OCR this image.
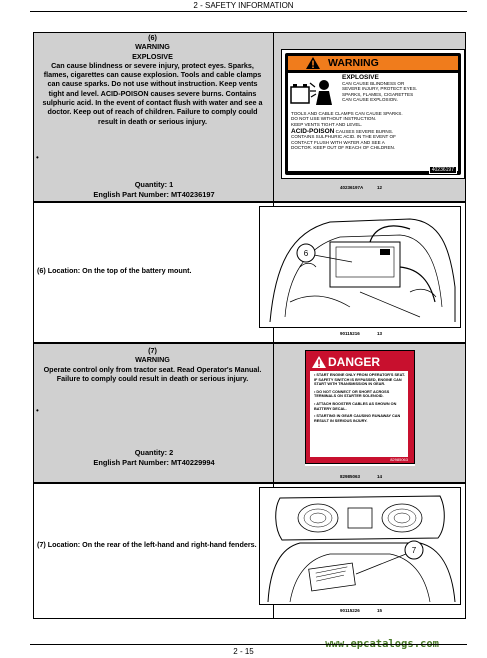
2 - SAFETY INFORMATION
(6)
WARNING
EXPLOSIVE
Can cause blindness or severe injury, protect eyes. Sparks, flames, cigarettes can cause explosion. Tools and cable clamps can cause sparks. Do not use without instruction. Keep vents tight and level. ACID-POISON causes severe burns. Contains sulphuric acid. In the event of contact flush with water and see a doctor. Keep out of reach of children. Failure to comply could result in death or serious injury.
•
Quantity: 1
English Part Number: MT40236197
WARNING
EXPLOSIVE
CAN CAUSE BLINDNESS OR
SEVERE INJURY, PROTECT EYES.
SPARKS, FLAMES, CIGARETTES
CAN CAUSE EXPLOSION.
TOOLS AND CABLE CLAMPS CAN CAUSE SPARKS.
DO NOT USE WITHOUT INSTRUCTION.
KEEP VENTS TIGHT AND LEVEL.
ACID-POISON CAUSES SEVERE BURNS.
CONTAINS SULPHURIC ACID. IN THE EVENT OF
CONTACT FLUSH WITH WATER AND SEE A
DOCTOR. KEEP OUT OF REACH OF CHILDREN.
40236197
40236197A	12
(6) Location: On the top of the battery mount.
6
90115216	13
(7)
WARNING
Operate control only from tractor seat. Read Operator's Manual. Failure to comply could result in death or serious injury.
•
Quantity: 2
English Part Number: MT40229994
DANGER
• START ENGINE ONLY FROM OPERATOR'S SEAT. IF SAFETY SWITCH IS BYPASSED, ENGINE CAN START WITH TRANSMISSION IN GEAR.
• DO NOT CONNECT OR SHORT ACROSS TERMINALS ON STARTER SOLENOID.
• ATTACH BOOSTER CABLES AS SHOWN ON BATTERY DECAL.
• STARTING IN GEAR CAUSING RUNAWAY CAN RESULT IN SERIOUS INJURY.
82985063
82985063	14
(7) Location: On the rear of the left-hand and right-hand fenders.
7
90115226	15
www.epcatalogs.com
2 - 15
